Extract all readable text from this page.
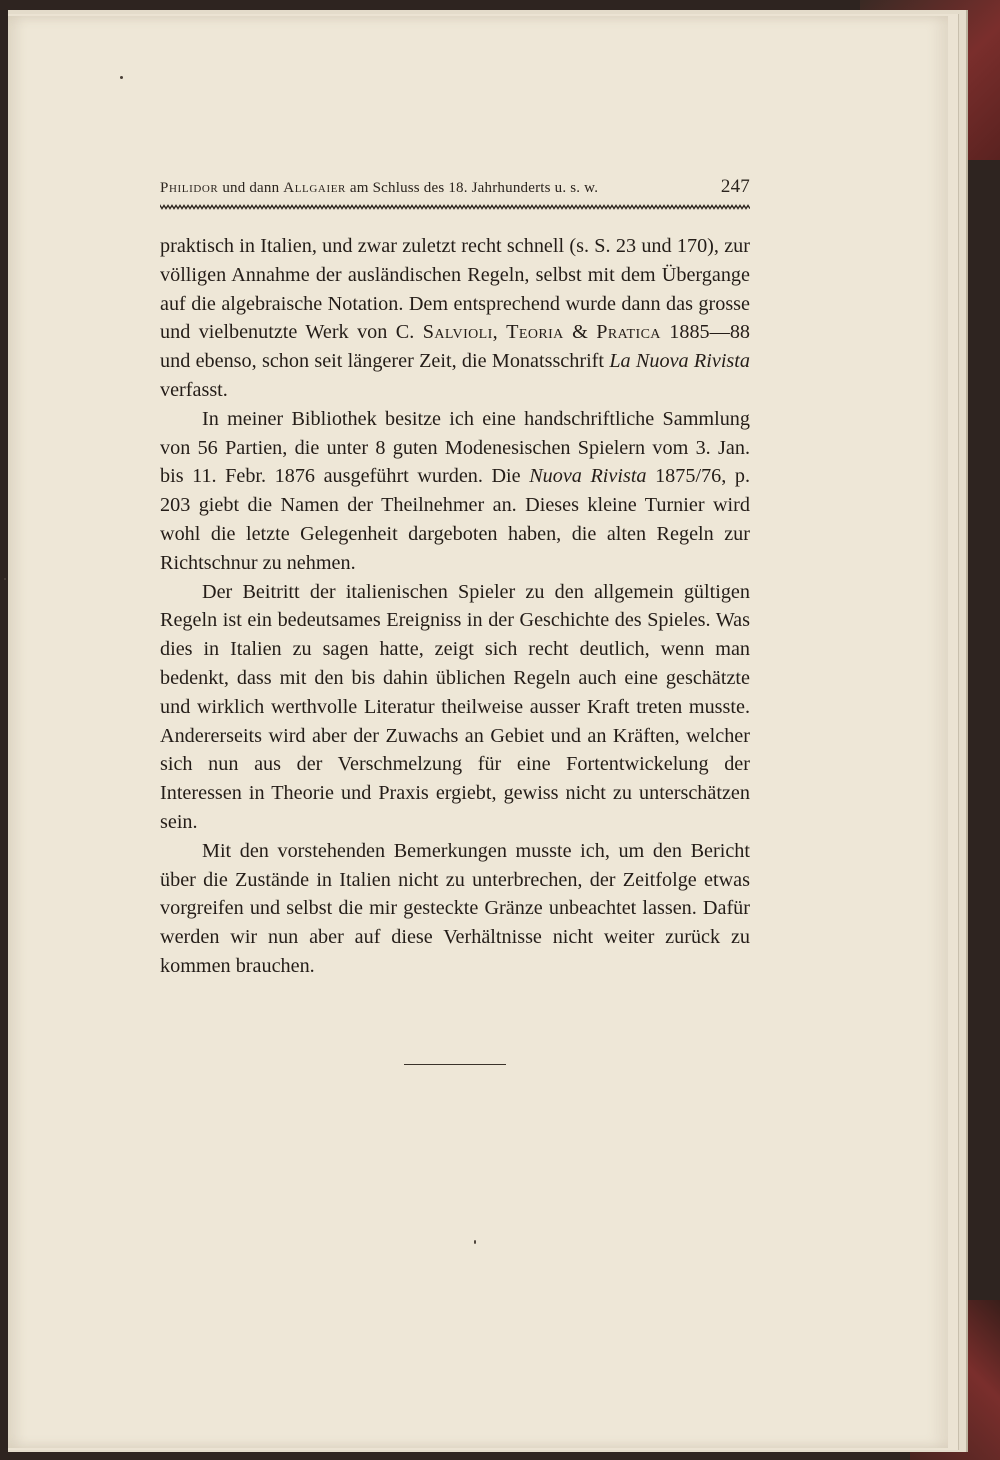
Philidor und dann Allgaier am Schluss des 18. Jahrhunderts u. s. w.	247

praktisch in Italien, und zwar zuletzt recht schnell (s. S. 23 und 170), zur völligen Annahme der ausländischen Regeln, selbst mit dem Übergange auf die algebraische Notation. Dem entsprechend wurde dann das grosse und vielbenutzte Werk von C. Salvioli, Teoria & Pratica 1885—88 und ebenso, schon seit längerer Zeit, die Monatsschrift La Nuova Rivista verfasst.

In meiner Bibliothek besitze ich eine handschriftliche Sammlung von 56 Partien, die unter 8 guten Modenesischen Spielern vom 3. Jan. bis 11. Febr. 1876 ausgeführt wurden. Die Nuova Rivista 1875/76, p. 203 giebt die Namen der Theilnehmer an. Dieses kleine Turnier wird wohl die letzte Gelegenheit dargeboten haben, die alten Regeln zur Richtschnur zu nehmen.

Der Beitritt der italienischen Spieler zu den allgemein gültigen Regeln ist ein bedeutsames Ereigniss in der Geschichte des Spieles. Was dies in Italien zu sagen hatte, zeigt sich recht deutlich, wenn man bedenkt, dass mit den bis dahin üblichen Regeln auch eine geschätzte und wirklich werthvolle Literatur theilweise ausser Kraft treten musste. Andererseits wird aber der Zuwachs an Gebiet und an Kräften, welcher sich nun aus der Verschmelzung für eine Fortentwickelung der Interessen in Theorie und Praxis ergiebt, gewiss nicht zu unterschätzen sein.

Mit den vorstehenden Bemerkungen musste ich, um den Bericht über die Zustände in Italien nicht zu unterbrechen, der Zeitfolge etwas vorgreifen und selbst die mir gesteckte Gränze unbeachtet lassen. Dafür werden wir nun aber auf diese Verhältnisse nicht weiter zurück zu kommen brauchen.
